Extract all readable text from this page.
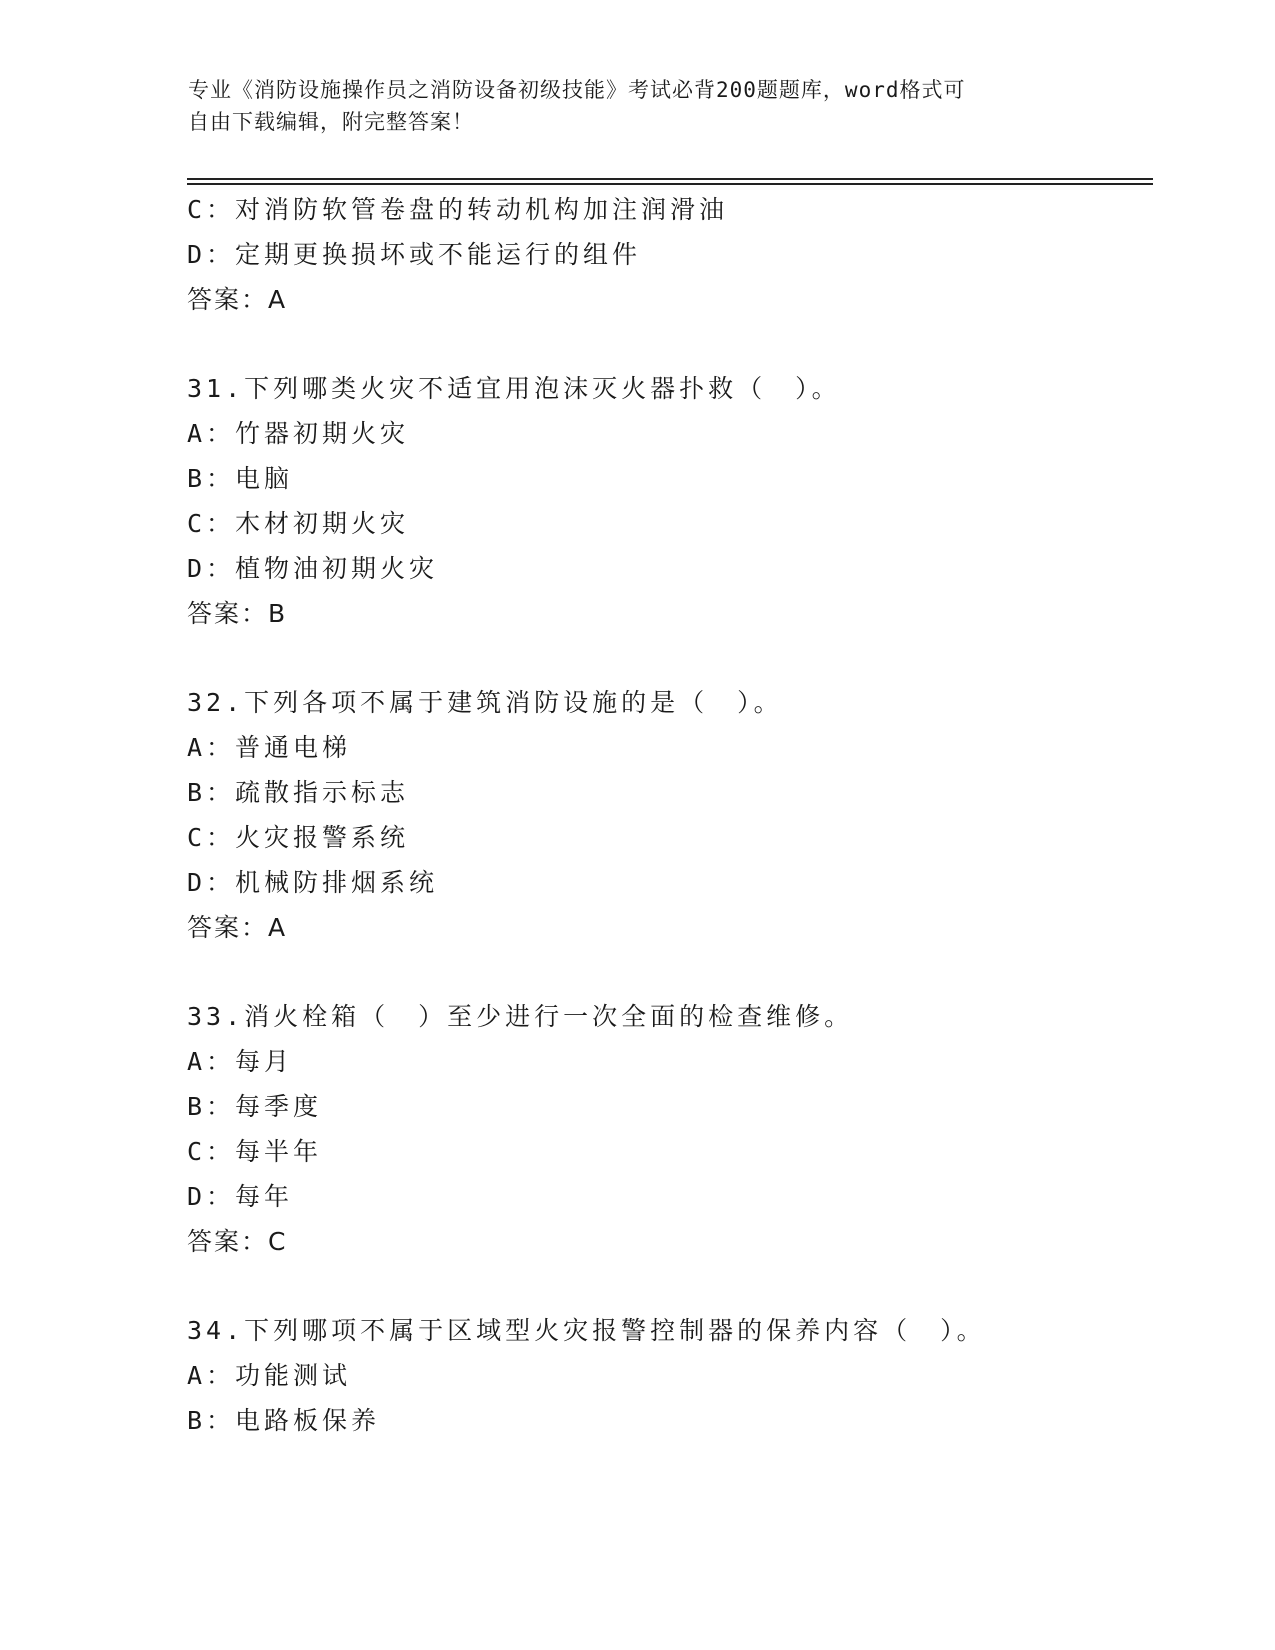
专业《消防设施操作员之消防设备初级技能》考试必背200题题库，word格式可
自由下载编辑，附完整答案！
C：对消防软管卷盘的转动机构加注润滑油
D：定期更换损坏或不能运行的组件
答案：A
31.下列哪类火灾不适宜用泡沫灭火器扑救（　）。
A：竹器初期火灾
B：电脑
C：木材初期火灾
D：植物油初期火灾
答案：B
32.下列各项不属于建筑消防设施的是（　）。
A：普通电梯
B：疏散指示标志
C：火灾报警系统
D：机械防排烟系统
答案：A
33.消火栓箱（　）至少进行一次全面的检查维修。
A：每月
B：每季度
C：每半年
D：每年
答案：C
34.下列哪项不属于区域型火灾报警控制器的保养内容（　）。
A：功能测试
B：电路板保养
